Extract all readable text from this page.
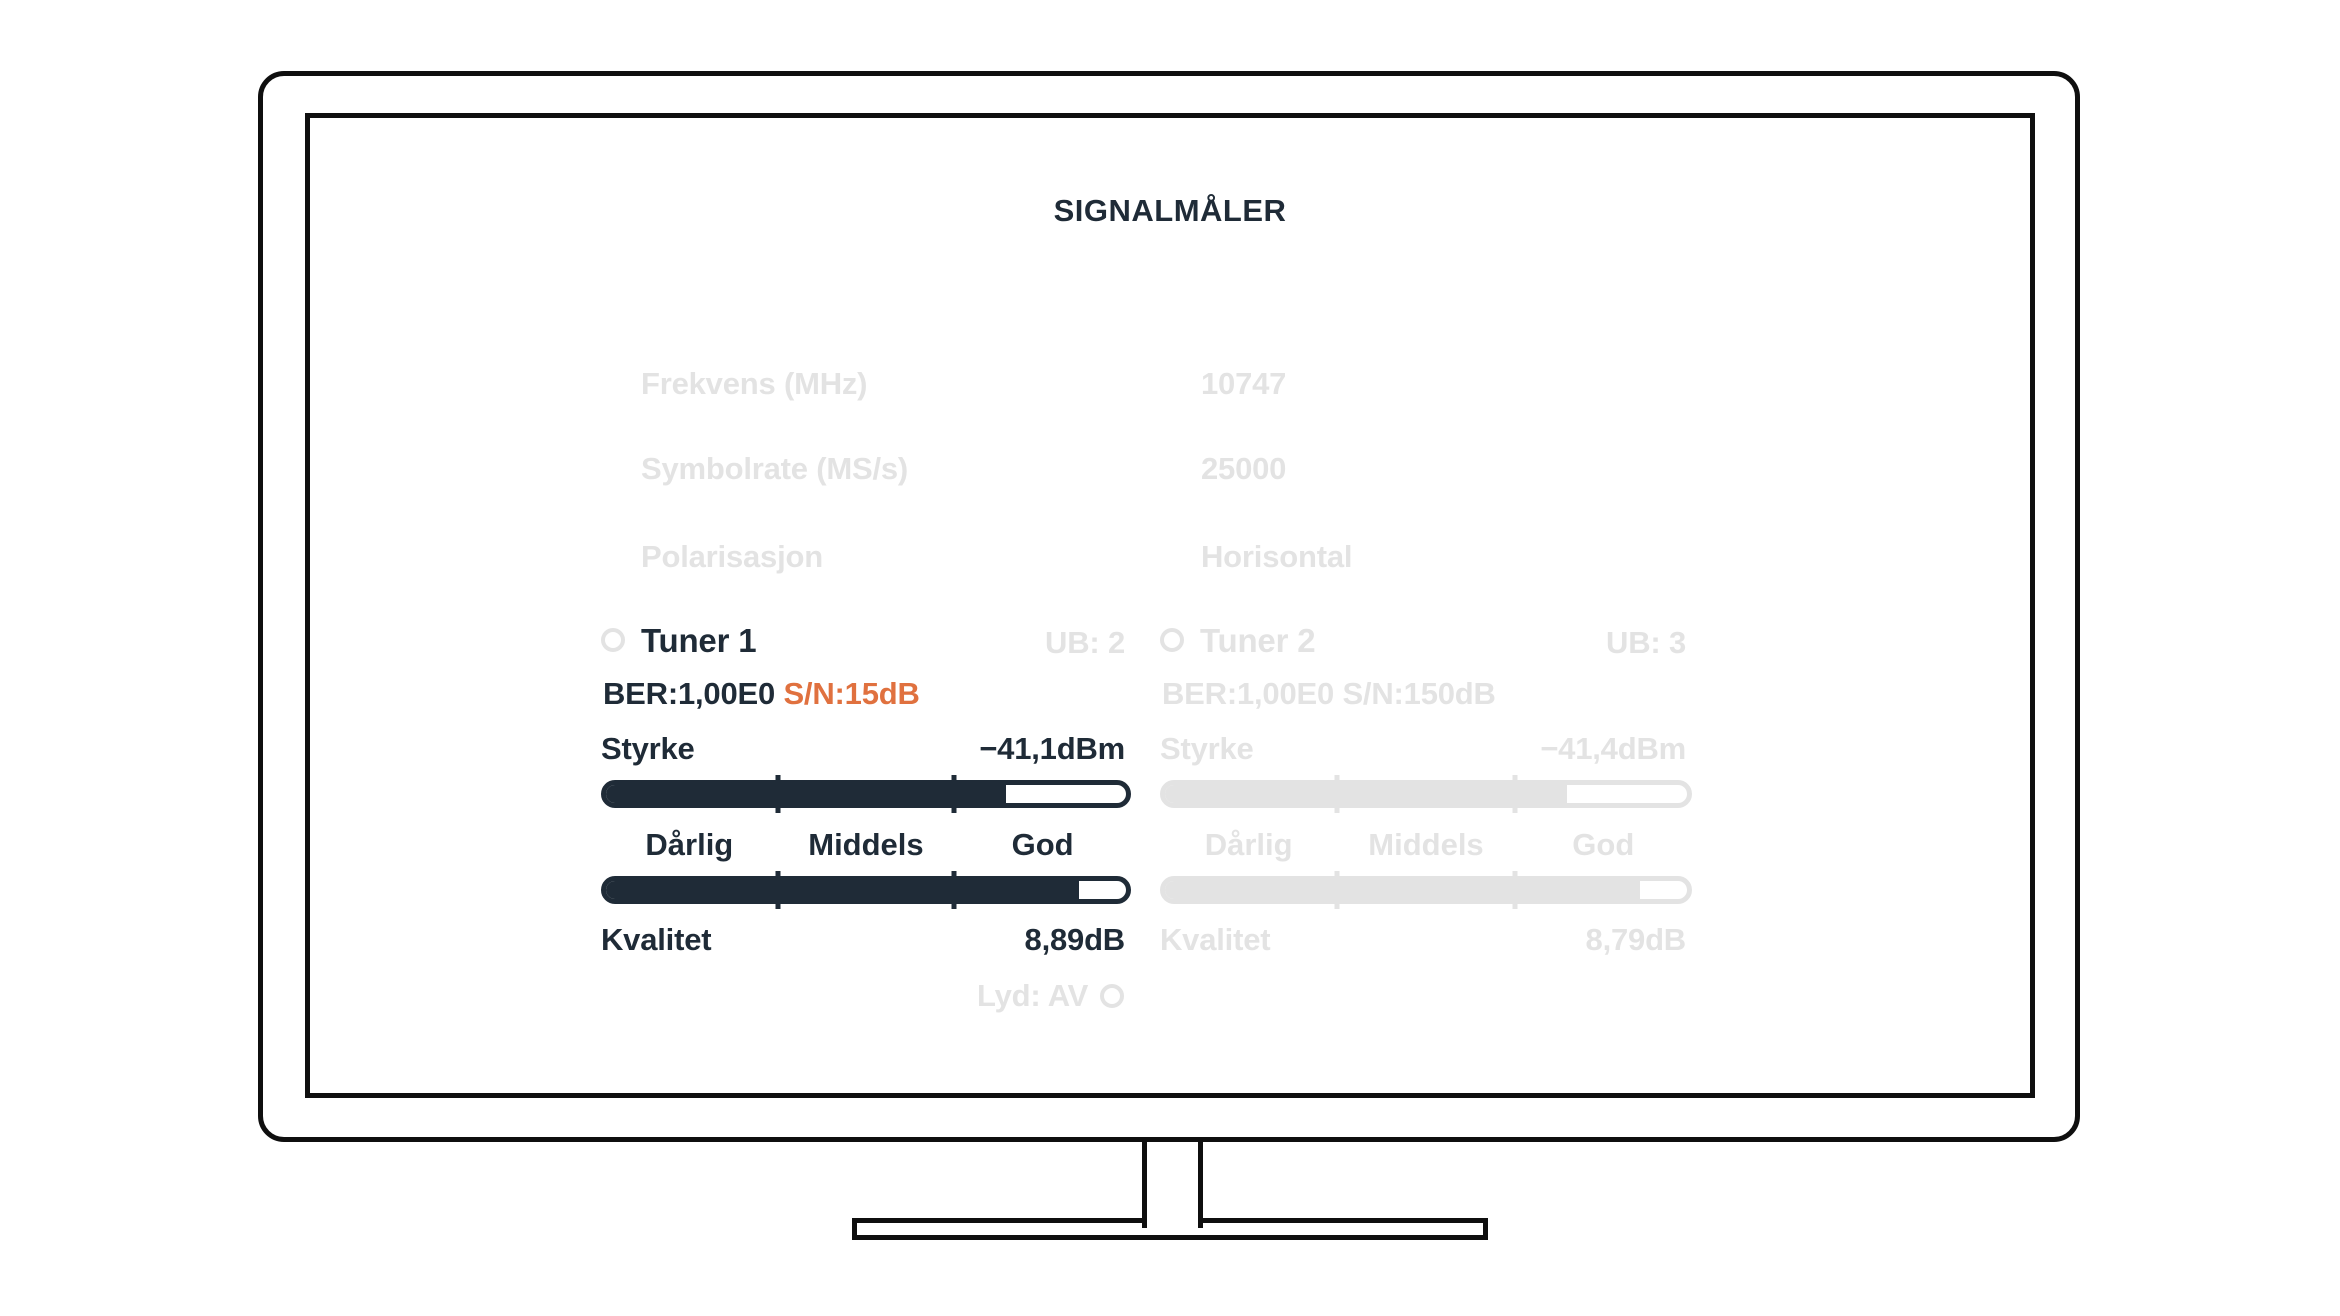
SIGNALMÅLER
Frekvens (MHz)	10747
Symbolrate (MS/s)	25000
Polarisasjon	Horisontal
Tuner 1	UB: 2
BER:1,00E0 S/N:15dB
Styrke	−41,1dBm
Dårlig	Middels	God
Kvalitet	8,89dB
Tuner 2	UB: 3
BER:1,00E0 S/N:150dB
Styrke	−41,4dBm
Dårlig	Middels	God
Kvalitet	8,79dB
Lyd: AV
